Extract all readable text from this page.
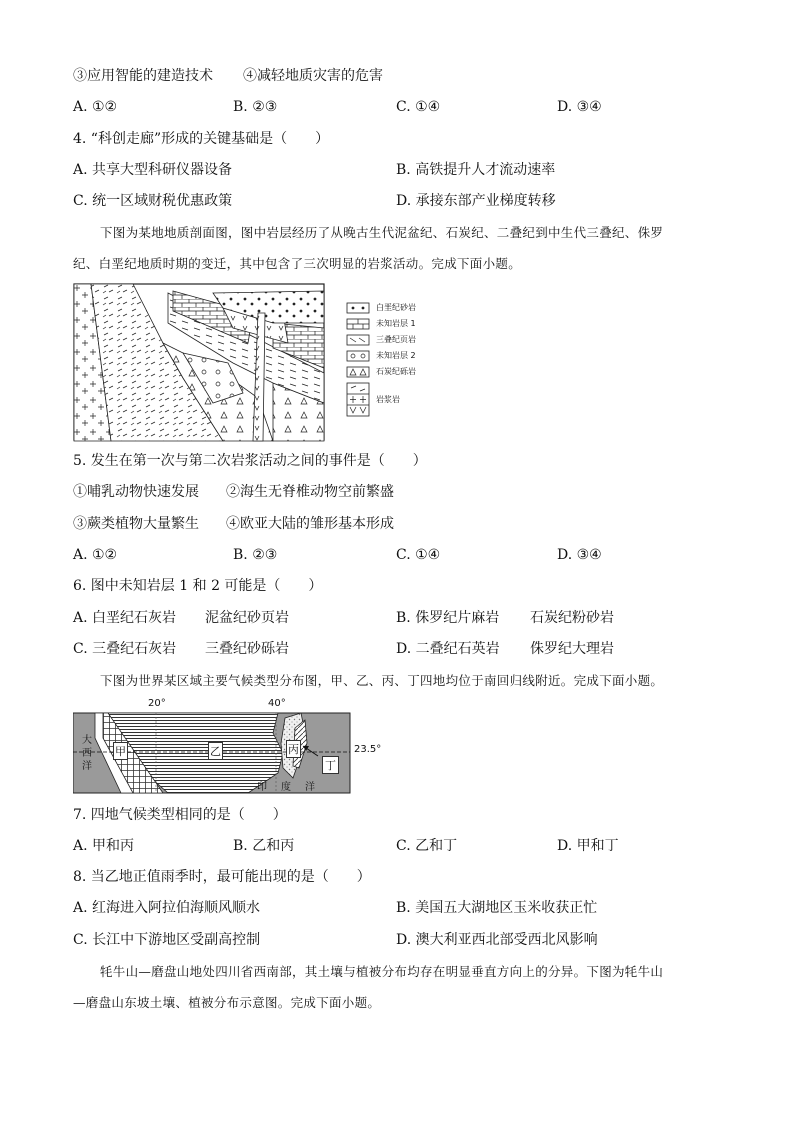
③应用智能的建造技术 ④减轻地质灾害的危害
A. ①②	B. ②③	C. ①④	D. ③④
4. “科创走廊”形成的关键基础是（　　）
A. 共享大型科研仪器设备	B. 高铁提升人才流动速率
C. 统一区域财税优惠政策	D. 承接东部产业梯度转移
下图为某地地质剖面图，图中岩层经历了从晚古生代泥盆纪、石炭纪、二叠纪到中生代三叠纪、侏罗
纪、白垩纪地质时期的变迁，其中包含了三次明显的岩浆活动。完成下面小题。
白垩纪砂岩
未知岩层 1
三叠纪页岩
未知岩层 2
石炭纪砾岩
岩浆岩
5. 发生在第一次与第二次岩浆活动之间的事件是（　　）
①哺乳动物快速发展 ②海生无脊椎动物空前繁盛
③蕨类植物大量繁生 ④欧亚大陆的雏形基本形成
A. ①②	B. ②③	C. ①④	D. ③④
6. 图中未知岩层 1 和 2 可能是（　　）
A. 白垩纪石灰岩 泥盆纪砂页岩	B. 侏罗纪片麻岩 石炭纪粉砂岩
C. 三叠纪石灰岩 三叠纪砂砾岩	D. 二叠纪石英岩 侏罗纪大理岩
下图为世界某区域主要气候类型分布图，甲、乙、丙、丁四地均位于南回归线附近。完成下面小题。
20°	40°
23.5°
大
西
洋
印度洋
甲	乙	丙
丁
7. 四地气候类型相同的是（　　）
A. 甲和丙	B. 乙和丙	C. 乙和丁	D. 甲和丁
8. 当乙地正值雨季时，最可能出现的是（　　）
A. 红海进入阿拉伯海顺风顺水	B. 美国五大湖地区玉米收获正忙
C. 长江中下游地区受副高控制	D. 澳大利亚西北部受西北风影响
牦牛山—磨盘山地处四川省西南部，其土壤与植被分布均存在明显垂直方向上的分异。下图为牦牛山
—磨盘山东坡土壤、植被分布示意图。完成下面小题。
